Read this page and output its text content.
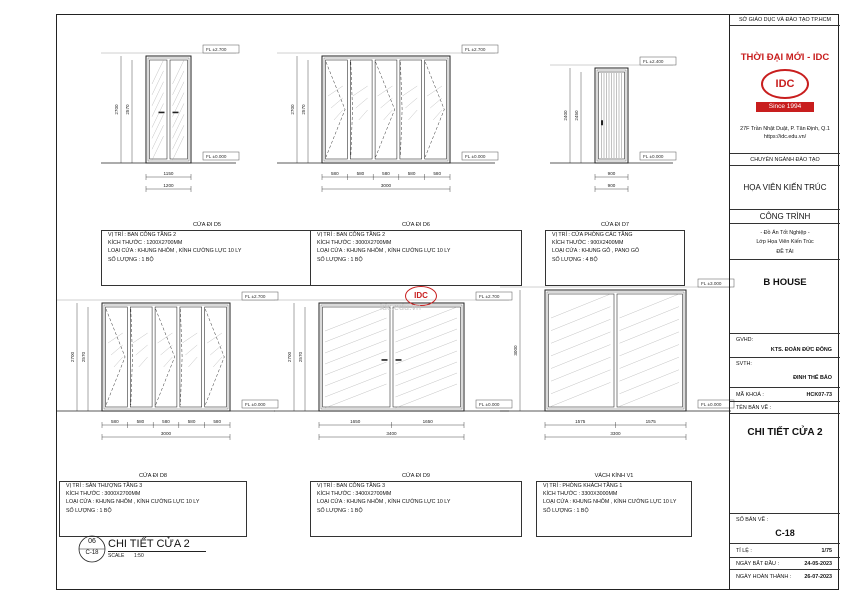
FL ±2.700
FL ±0.000
2700 2570
1150
1200
FL ±2.700
FL ±0.000
2700 2570
580	580	580	580	580
3000
FL ±2.400
FL ±0.000
2400 2450
900
900
FL ±2.700
FL ±0.000
2700 2570
580	580	580	580	580
3000
FL ±2.700
FL ±0.000
2700 2570
1650	1650
3400
FL ±3.000
FL ±0.000
3000
1575	1575
3300
CỬA ĐI D5
VỊ TRÍ : BAN CÔNG TẦNG 2
KÍCH THƯỚC : 1200X2700MM
LOẠI CỬA : KHUNG NHÔM , KÍNH CƯỜNG LỰC 10 LY
SỐ LƯỢNG : 1 BỘ
CỬA ĐI D6
VỊ TRÍ : BAN CÔNG TẦNG 2
KÍCH THƯỚC : 3000X2700MM
LOẠI CỬA : KHUNG NHÔM , KÍNH CƯỜNG LỰC 10 LY
SỐ LƯỢNG : 1 BỘ
CỬA ĐI D7
VỊ TRÍ : CỬA PHÒNG CÁC TẦNG
KÍCH THƯỚC : 900X2400MM
LOẠI CỬA : KHUNG GỖ , PANO GỖ
SỐ LƯỢNG : 4 BỘ
CỬA ĐI D8
VỊ TRÍ : SÂN THƯỢNG TẦNG 3
KÍCH THƯỚC : 3000X2700MM
LOẠI CỬA : KHUNG NHÔM , KÍNH CƯỜNG LỰC 10 LY
SỐ LƯỢNG : 1 BỘ
CỬA ĐI D9
VỊ TRÍ : BAN CÔNG TẦNG 3
KÍCH THƯỚC : 3400X2700MM
LOẠI CỬA : KHUNG NHÔM , KÍNH CƯỜNG LỰC 10 LY
SỐ LƯỢNG : 1 BỘ
VÁCH KÍNH V1
VỊ TRÍ : PHÒNG KHÁCH TẦNG 1
KÍCH THƯỚC : 3300X3000MM
LOẠI CỬA : KHUNG NHÔM , KÍNH CƯỜNG LỰC 10 LY
SỐ LƯỢNG : 1 BỘ
06
C-18
CHI TIẾT CỬA 2
SCALE 1:50
IDC
idc.edu.vn
SỞ GIÁO DỤC VÀ ĐÀO TẠO TP.HCM
THỜI ĐẠI MỚI - IDC
IDC
Since 1994
27F Trần Nhật Duật, P. Tân Định, Q.1
https://idc.edu.vn/
CHUYÊN NGÀNH ĐÀO TẠO
HỌA VIÊN KIẾN TRÚC
CÔNG TRÌNH
- Đồ Án Tốt Nghiệp -
Lớp Họa Viên Kiến Trúc
ĐỀ TÀI
B HOUSE
GVHD:
KTS. ĐOÀN ĐỨC ĐÔNG
SVTH:
ĐINH THẾ BẢO
MÃ KHOÁ :	HCK07-73
TÊN BẢN VẼ :
CHI TIẾT CỬA 2
SỐ BẢN VẼ :
C-18
TỈ LỆ :	1/75
NGÀY BẮT ĐẦU :	24-05-2023
NGÀY HOÀN THÀNH : 26-07-2023
